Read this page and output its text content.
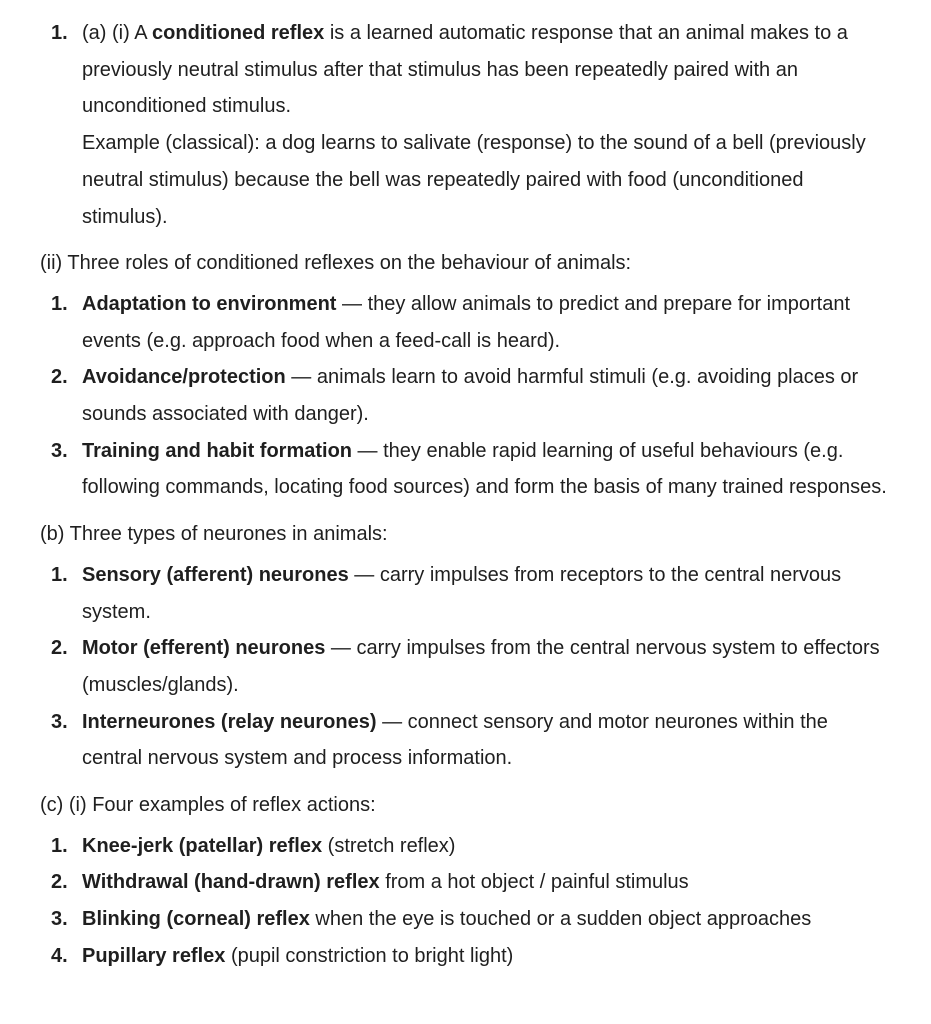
1. (a) (i) A conditioned reflex is a learned automatic response that an animal makes to a previously neutral stimulus after that stimulus has been repeatedly paired with an unconditioned stimulus.
Example (classical): a dog learns to salivate (response) to the sound of a bell (previously neutral stimulus) because the bell was repeatedly paired with food (unconditioned stimulus).
(ii) Three roles of conditioned reflexes on the behaviour of animals:
1. Adaptation to environment — they allow animals to predict and prepare for important events (e.g. approach food when a feed-call is heard).
2. Avoidance/protection — animals learn to avoid harmful stimuli (e.g. avoiding places or sounds associated with danger).
3. Training and habit formation — they enable rapid learning of useful behaviours (e.g. following commands, locating food sources) and form the basis of many trained responses.
(b) Three types of neurones in animals:
1. Sensory (afferent) neurones — carry impulses from receptors to the central nervous system.
2. Motor (efferent) neurones — carry impulses from the central nervous system to effectors (muscles/glands).
3. Interneurones (relay neurones) — connect sensory and motor neurones within the central nervous system and process information.
(c) (i) Four examples of reflex actions:
1. Knee-jerk (patellar) reflex (stretch reflex)
2. Withdrawal (hand-drawn) reflex from a hot object / painful stimulus
3. Blinking (corneal) reflex when the eye is touched or a sudden object approaches
4. Pupillary reflex (pupil constriction to bright light)
